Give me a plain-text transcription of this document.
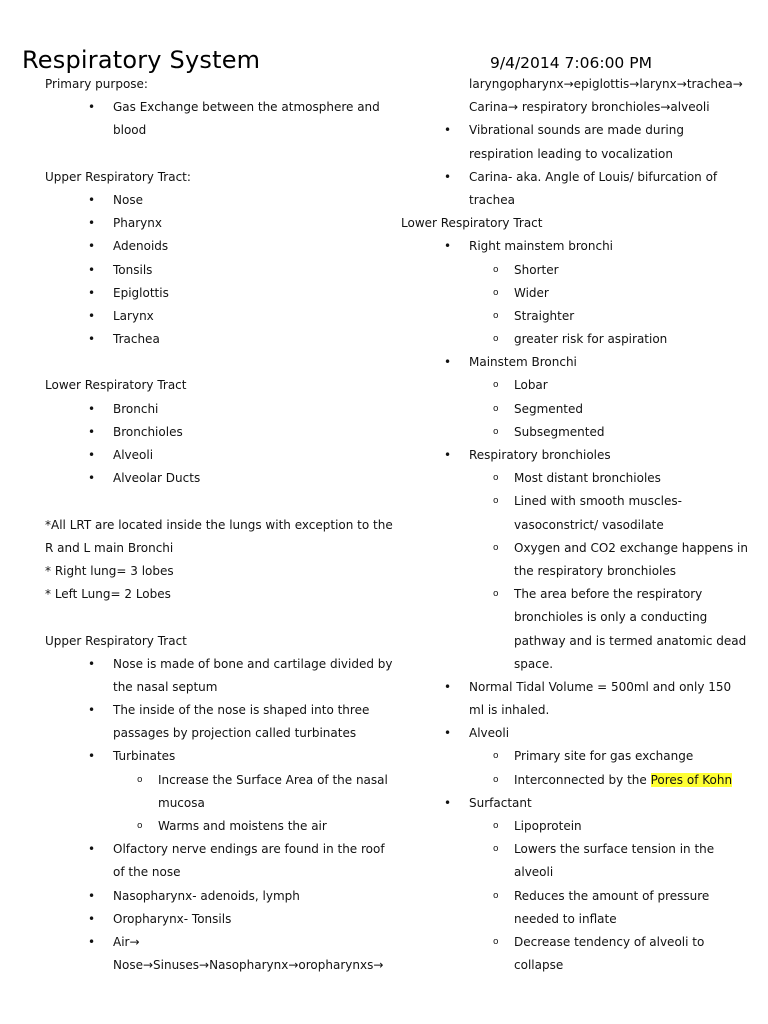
Respiratory System	9/4/2014 7:06:00 PM
Primary purpose:
• Gas Exchange between the atmosphere and
blood
Upper Respiratory Tract:
• Nose
• Pharynx
• Adenoids
• Tonsils
• Epiglottis
• Larynx
• Trachea
Lower Respiratory Tract
• Bronchi
• Bronchioles
• Alveoli
• Alveolar Ducts
*All LRT are located inside the lungs with exception to the
R and L main Bronchi
* Right lung= 3 lobes
* Left Lung= 2 Lobes
Upper Respiratory Tract
• Nose is made of bone and cartilage divided by
the nasal septum
• The inside of the nose is shaped into three
passages by projection called turbinates
• Turbinates
o Increase the Surface Area of the nasal
mucosa
o Warms and moistens the air
• Olfactory nerve endings are found in the roof
of the nose
• Nasopharynx- adenoids, lymph
• Oropharynx- Tonsils
• Air→
Nose→Sinuses→Nasopharynx→oropharynxs→
laryngopharynx→epiglottis→larynx→trachea→
Carina→ respiratory bronchioles→alveoli
• Vibrational sounds are made during
respiration leading to vocalization
• Carina- aka. Angle of Louis/ bifurcation of
trachea
Lower Respiratory Tract
• Right mainstem bronchi
o Shorter
o Wider
o Straighter
o greater risk for aspiration
• Mainstem Bronchi
o Lobar
o Segmented
o Subsegmented
• Respiratory bronchioles
o Most distant bronchioles
o Lined with smooth muscles-
vasoconstrict/ vasodilate
o Oxygen and CO2 exchange happens in
the respiratory bronchioles
o The area before the respiratory
bronchioles is only a conducting
pathway and is termed anatomic dead
space.
• Normal Tidal Volume = 500ml and only 150
ml is inhaled.
• Alveoli
o Primary site for gas exchange
o Interconnected by the Pores of Kohn
• Surfactant
o Lipoprotein
o Lowers the surface tension in the
alveoli
o Reduces the amount of pressure
needed to inflate
o Decrease tendency of alveoli to
collapse
